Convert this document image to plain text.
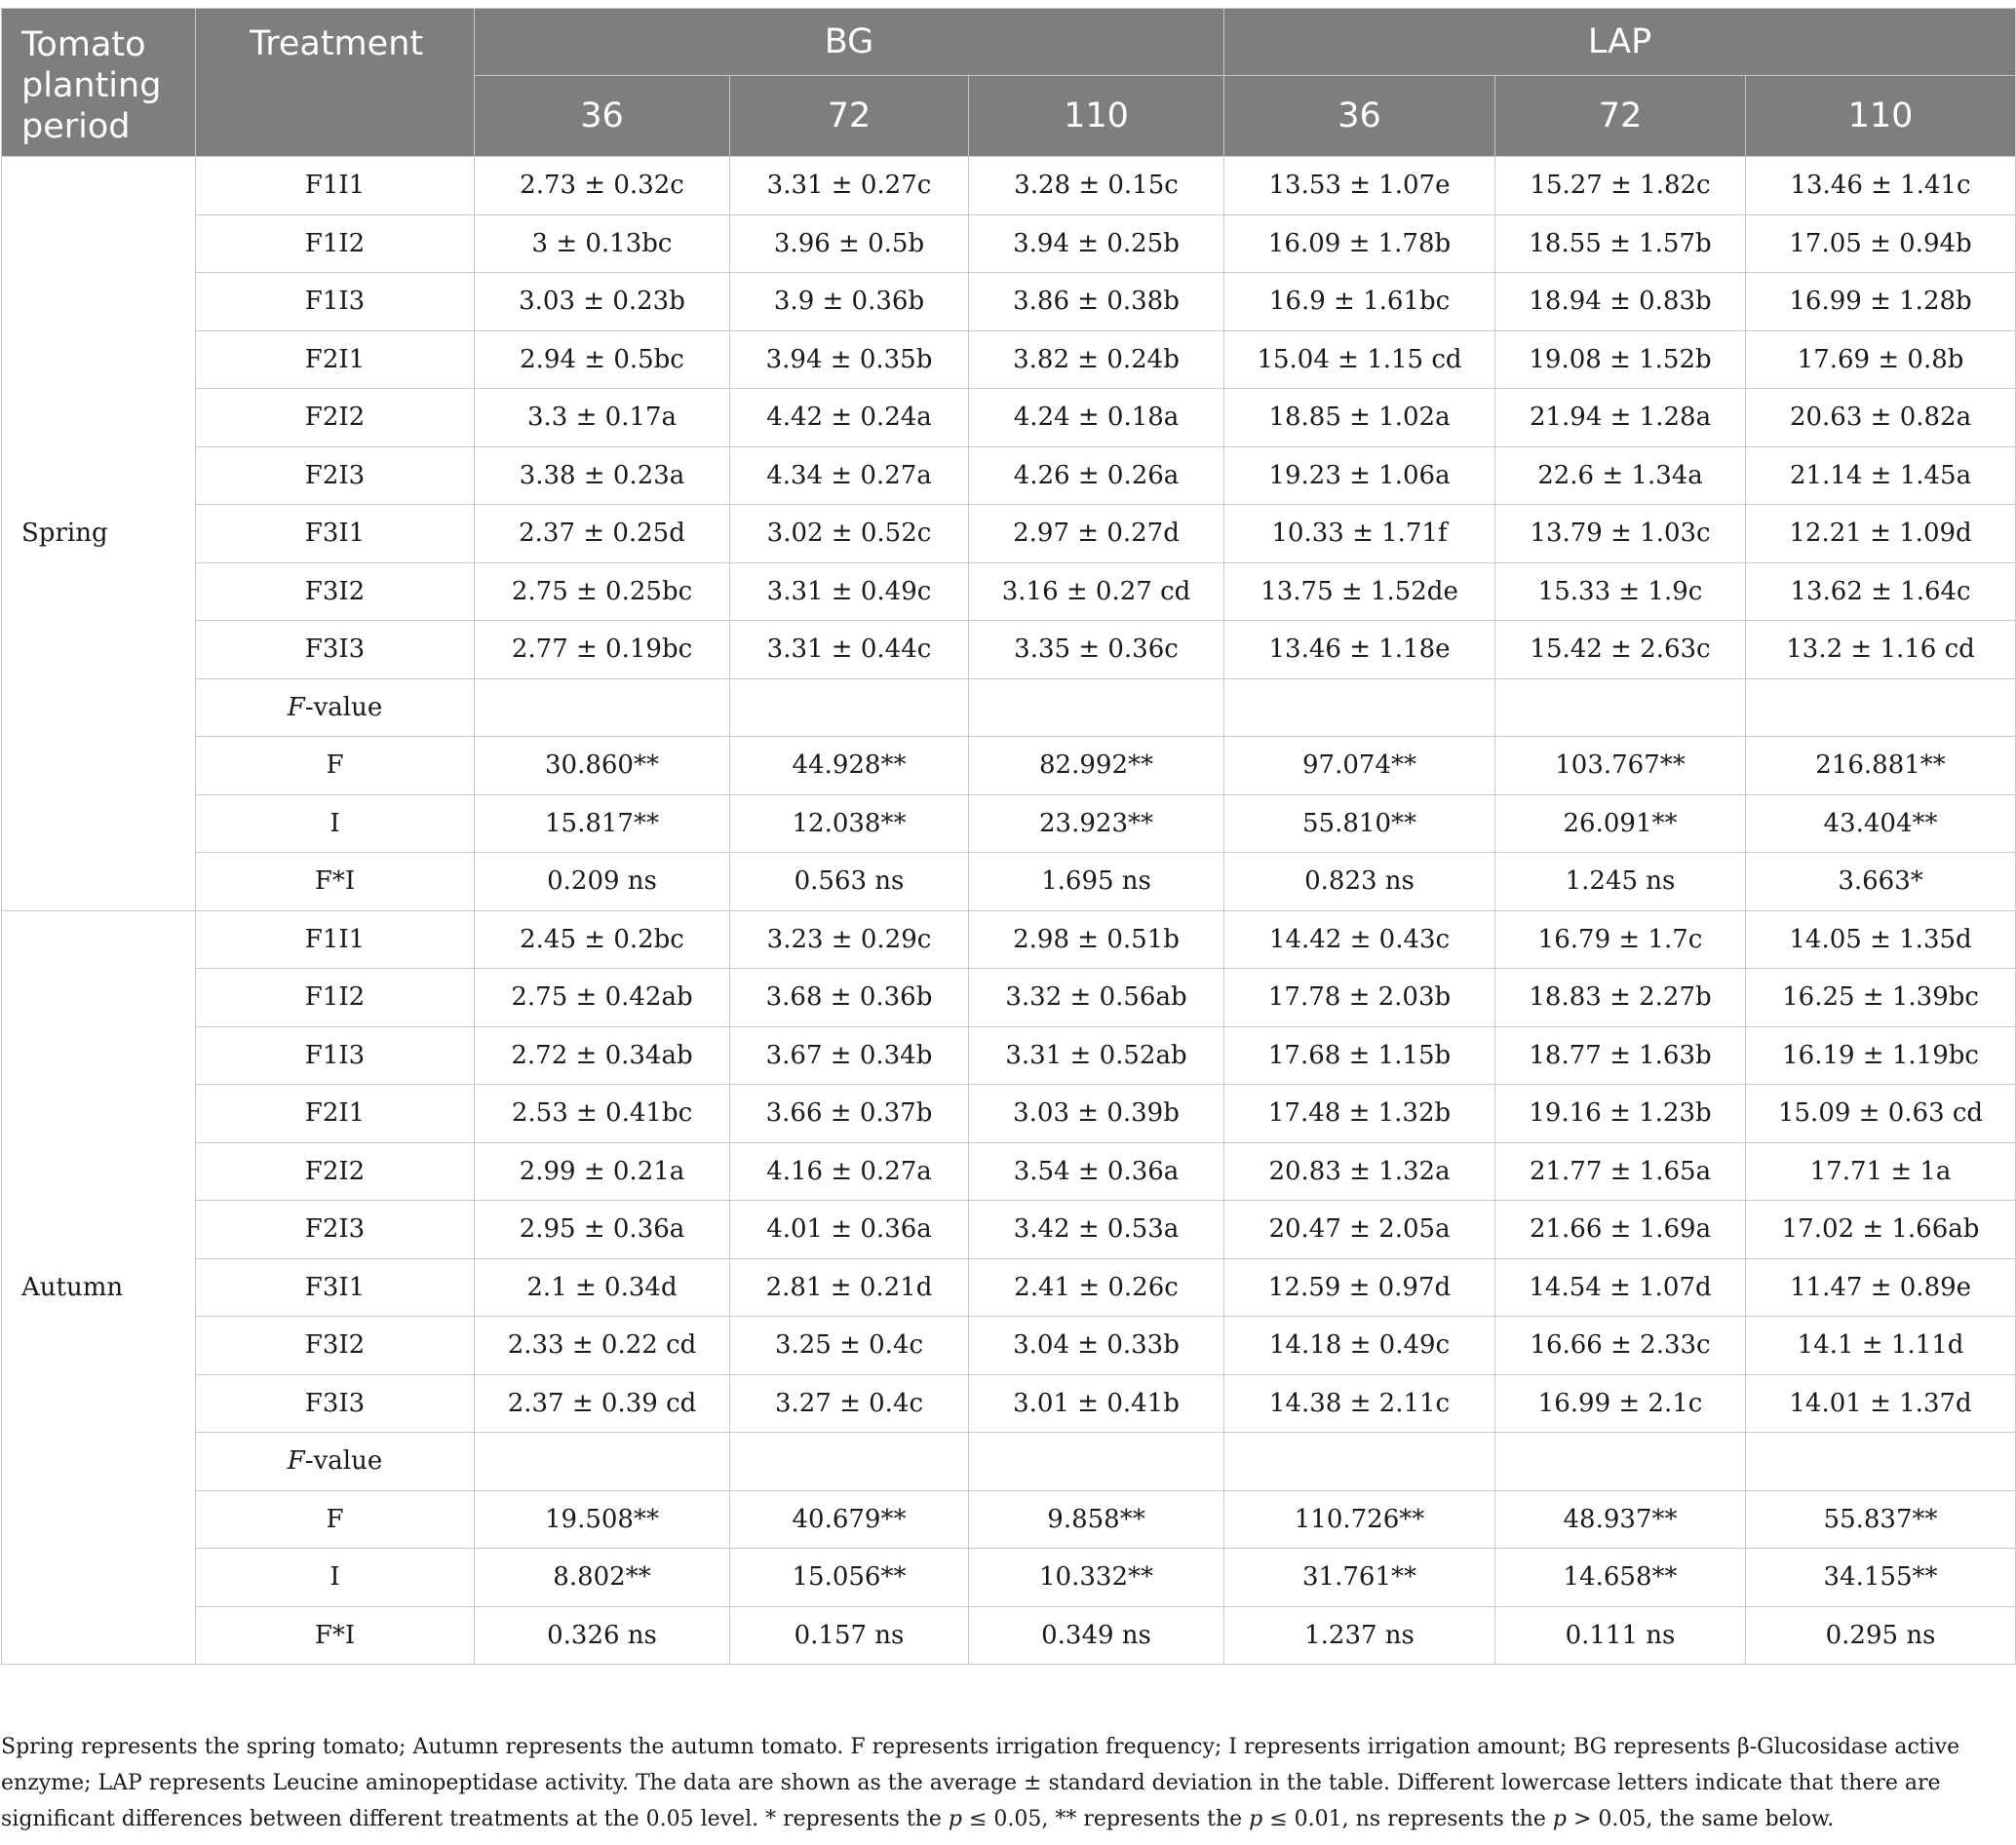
Tomato planting period	Treatment	BG			LAP		
		36	72	110	36	72	110
Spring	F1I1	2.73 ± 0.32c	3.31 ± 0.27c	3.28 ± 0.15c	13.53 ± 1.07e	15.27 ± 1.82c	13.46 ± 1.41c
	F1I2	3 ± 0.13bc	3.96 ± 0.5b	3.94 ± 0.25b	16.09 ± 1.78b	18.55 ± 1.57b	17.05 ± 0.94b
	F1I3	3.03 ± 0.23b	3.9 ± 0.36b	3.86 ± 0.38b	16.9 ± 1.61bc	18.94 ± 0.83b	16.99 ± 1.28b
	F2I1	2.94 ± 0.5bc	3.94 ± 0.35b	3.82 ± 0.24b	15.04 ± 1.15 cd	19.08 ± 1.52b	17.69 ± 0.8b
	F2I2	3.3 ± 0.17a	4.42 ± 0.24a	4.24 ± 0.18a	18.85 ± 1.02a	21.94 ± 1.28a	20.63 ± 0.82a
	F2I3	3.38 ± 0.23a	4.34 ± 0.27a	4.26 ± 0.26a	19.23 ± 1.06a	22.6 ± 1.34a	21.14 ± 1.45a
	F3I1	2.37 ± 0.25d	3.02 ± 0.52c	2.97 ± 0.27d	10.33 ± 1.71f	13.79 ± 1.03c	12.21 ± 1.09d
	F3I2	2.75 ± 0.25bc	3.31 ± 0.49c	3.16 ± 0.27 cd	13.75 ± 1.52de	15.33 ± 1.9c	13.62 ± 1.64c
	F3I3	2.77 ± 0.19bc	3.31 ± 0.44c	3.35 ± 0.36c	13.46 ± 1.18e	15.42 ± 2.63c	13.2 ± 1.16 cd
	F-value						
	F	30.860**	44.928**	82.992**	97.074**	103.767**	216.881**
	I	15.817**	12.038**	23.923**	55.810**	26.091**	43.404**
	F*I	0.209 ns	0.563 ns	1.695 ns	0.823 ns	1.245 ns	3.663*
Autumn	F1I1	2.45 ± 0.2bc	3.23 ± 0.29c	2.98 ± 0.51b	14.42 ± 0.43c	16.79 ± 1.7c	14.05 ± 1.35d
	F1I2	2.75 ± 0.42ab	3.68 ± 0.36b	3.32 ± 0.56ab	17.78 ± 2.03b	18.83 ± 2.27b	16.25 ± 1.39bc
	F1I3	2.72 ± 0.34ab	3.67 ± 0.34b	3.31 ± 0.52ab	17.68 ± 1.15b	18.77 ± 1.63b	16.19 ± 1.19bc
	F2I1	2.53 ± 0.41bc	3.66 ± 0.37b	3.03 ± 0.39b	17.48 ± 1.32b	19.16 ± 1.23b	15.09 ± 0.63 cd
	F2I2	2.99 ± 0.21a	4.16 ± 0.27a	3.54 ± 0.36a	20.83 ± 1.32a	21.77 ± 1.65a	17.71 ± 1a
	F2I3	2.95 ± 0.36a	4.01 ± 0.36a	3.42 ± 0.53a	20.47 ± 2.05a	21.66 ± 1.69a	17.02 ± 1.66ab
	F3I1	2.1 ± 0.34d	2.81 ± 0.21d	2.41 ± 0.26c	12.59 ± 0.97d	14.54 ± 1.07d	11.47 ± 0.89e
	F3I2	2.33 ± 0.22 cd	3.25 ± 0.4c	3.04 ± 0.33b	14.18 ± 0.49c	16.66 ± 2.33c	14.1 ± 1.11d
	F3I3	2.37 ± 0.39 cd	3.27 ± 0.4c	3.01 ± 0.41b	14.38 ± 2.11c	16.99 ± 2.1c	14.01 ± 1.37d
	F-value						
	F	19.508**	40.679**	9.858**	110.726**	48.937**	55.837**
	I	8.802**	15.056**	10.332**	31.761**	14.658**	34.155**
	F*I	0.326 ns	0.157 ns	0.349 ns	1.237 ns	0.111 ns	0.295 ns
Spring represents the spring tomato; Autumn represents the autumn tomato. F represents irrigation frequency; I represents irrigation amount; BG represents β-Glucosidase active enzyme; LAP represents Leucine aminopeptidase activity. The data are shown as the average ± standard deviation in the table. Different lowercase letters indicate that there are significant differences between different treatments at the 0.05 level. * represents the p ≤ 0.05, ** represents the p ≤ 0.01, ns represents the p > 0.05, the same below.
